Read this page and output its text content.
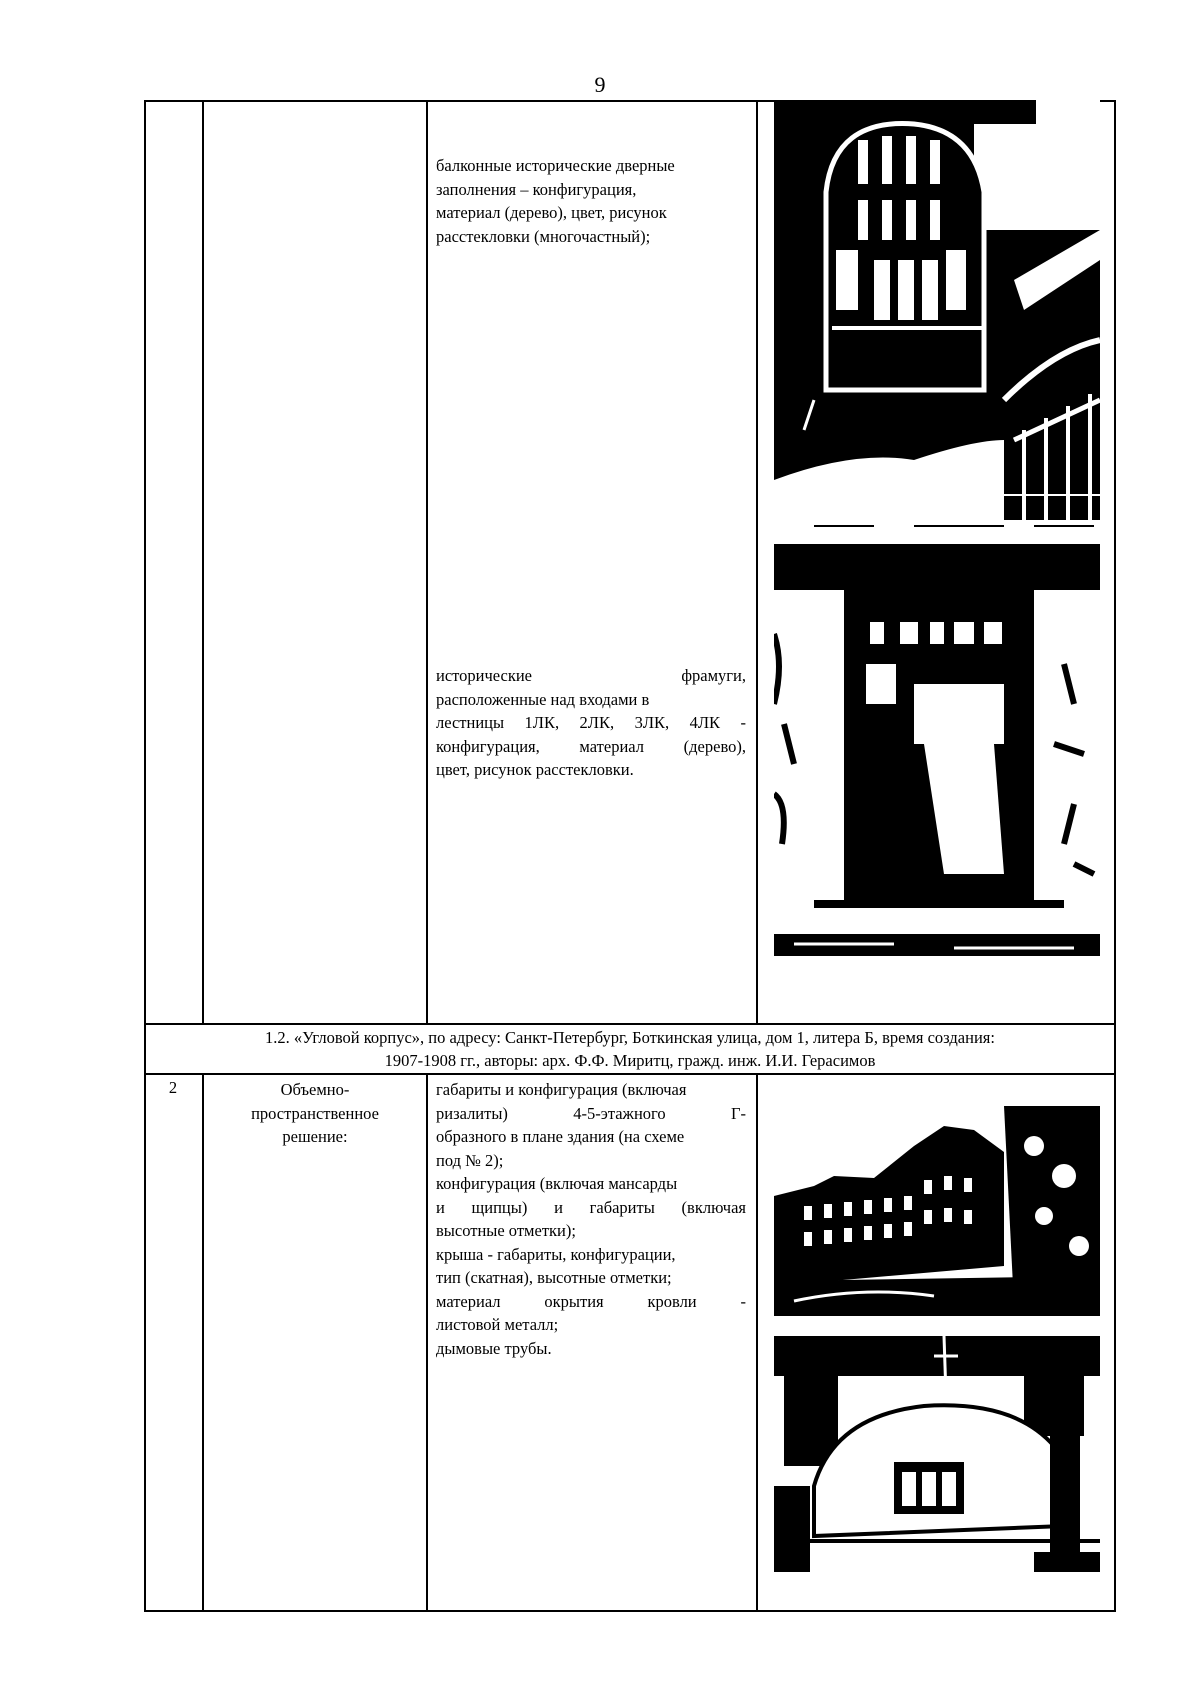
9
балконные исторические дверные
заполнения – конфигурация,
материал (дерево), цвет, рисунок
расстекловки (многочастный);
исторические фрамуги,
расположенные над входами в
лестницы 1ЛК, 2ЛК, 3ЛК, 4ЛК -
конфигурация, материал (дерево),
цвет, рисунок расстекловки.
1.2. «Угловой корпус», по адресу: Санкт-Петербург, Боткинская улица, дом 1, литера Б, время создания:
1907-1908 гг., авторы: арх. Ф.Ф. Миритц, гражд. инж. И.И. Герасимов
2	Объемно-
пространственное
решение:
габариты и конфигурация (включая
ризалиты) 4-5-этажного Г-
образного в плане здания (на схеме
под № 2);
конфигурация (включая мансарды
и щипцы) и габариты (включая
высотные отметки);
крыша - габариты, конфигурации,
тип (скатная), высотные отметки;
материал окрытия кровли -
листовой металл;
дымовые трубы.
